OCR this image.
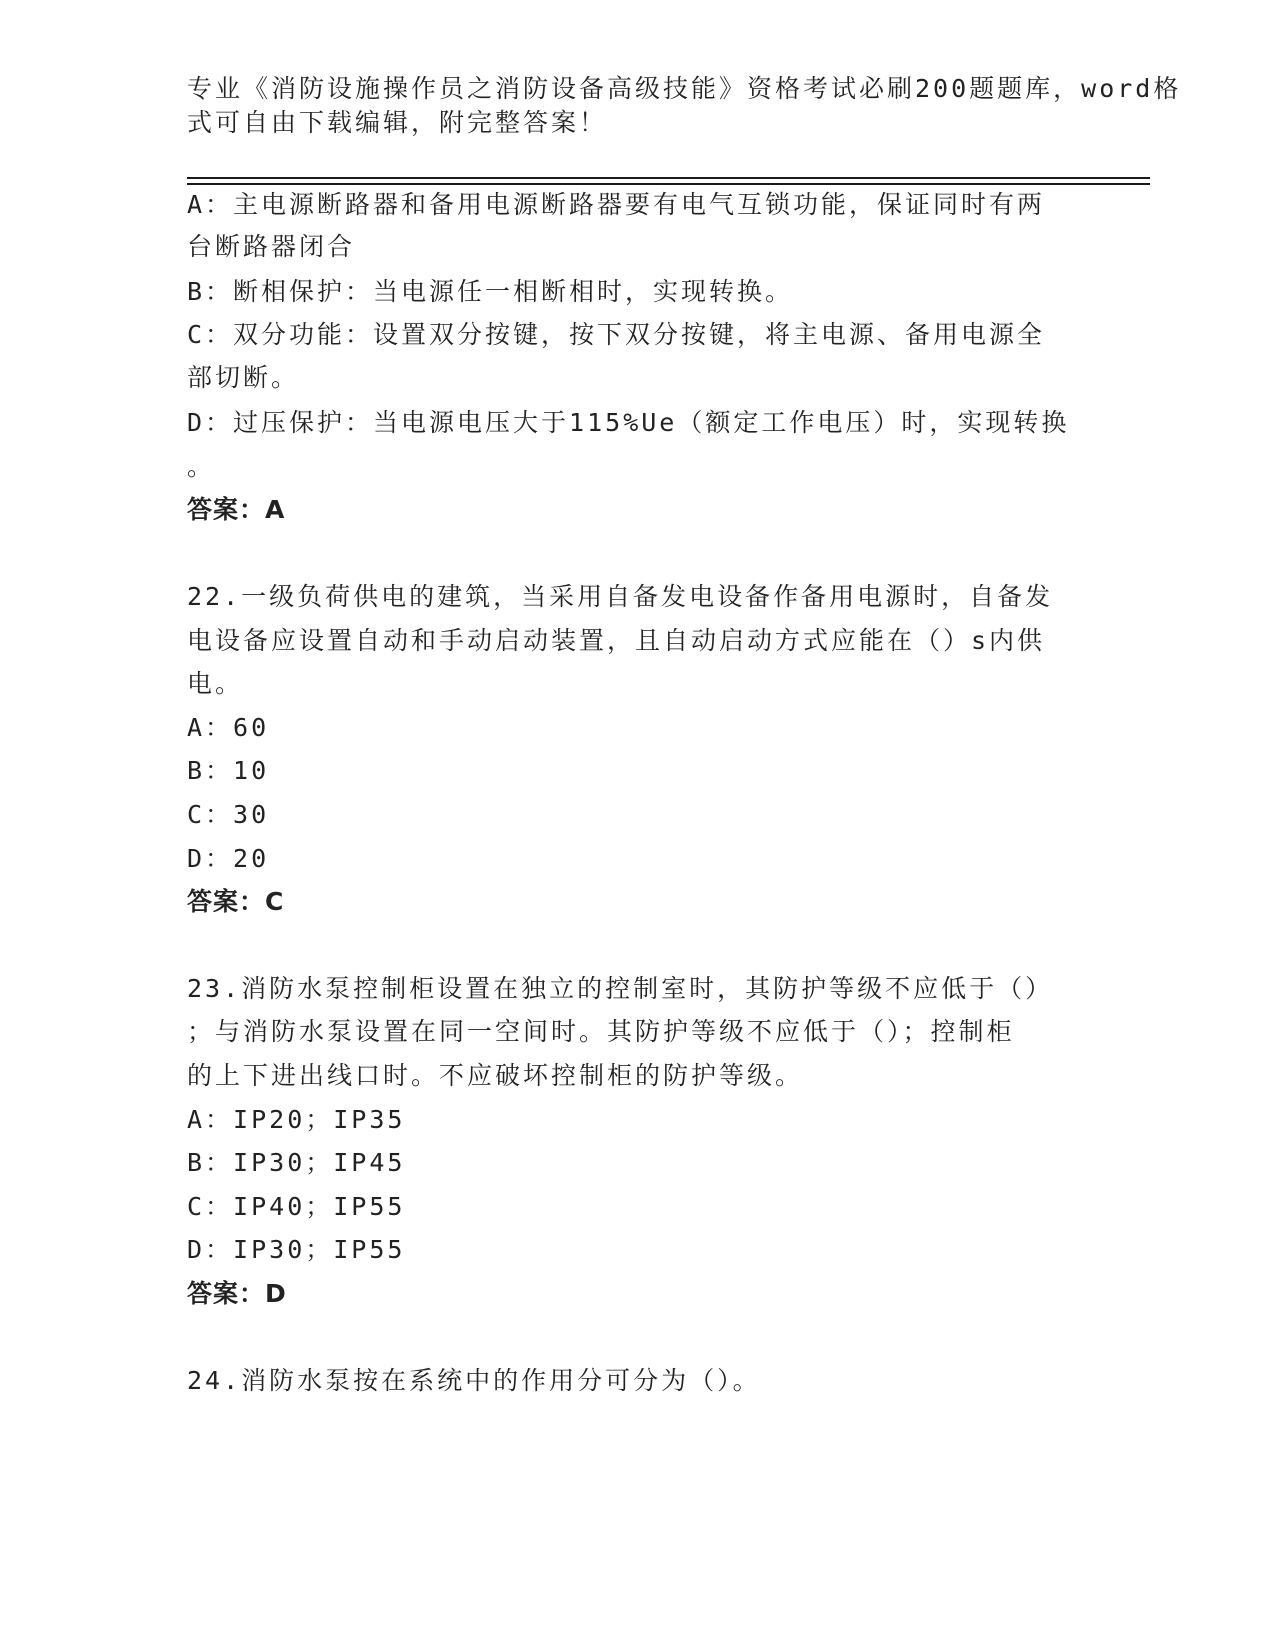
专业《消防设施操作员之消防设备高级技能》资格考试必刷200题题库，word格
式可自由下载编辑，附完整答案！
A：主电源断路器和备用电源断路器要有电气互锁功能，保证同时有两
台断路器闭合
B：断相保护：当电源任一相断相时，实现转换。
C：双分功能：设置双分按键，按下双分按键，将主电源、备用电源全
部切断。
D：过压保护：当电源电压大于115%Ue（额定工作电压）时，实现转换
。
答案：A
22.一级负荷供电的建筑，当采用自备发电设备作备用电源时，自备发
电设备应设置自动和手动启动装置，且自动启动方式应能在（）s内供
电。
A：60
B：10
C：30
D：20
答案：C
23.消防水泵控制柜设置在独立的控制室时，其防护等级不应低于（）
；与消防水泵设置在同一空间时。其防护等级不应低于（）；控制柜
的上下进出线口时。不应破坏控制柜的防护等级。
A：IP20；IP35
B：IP30；IP45
C：IP40；IP55
D：IP30；IP55
答案：D
24.消防水泵按在系统中的作用分可分为（）。
